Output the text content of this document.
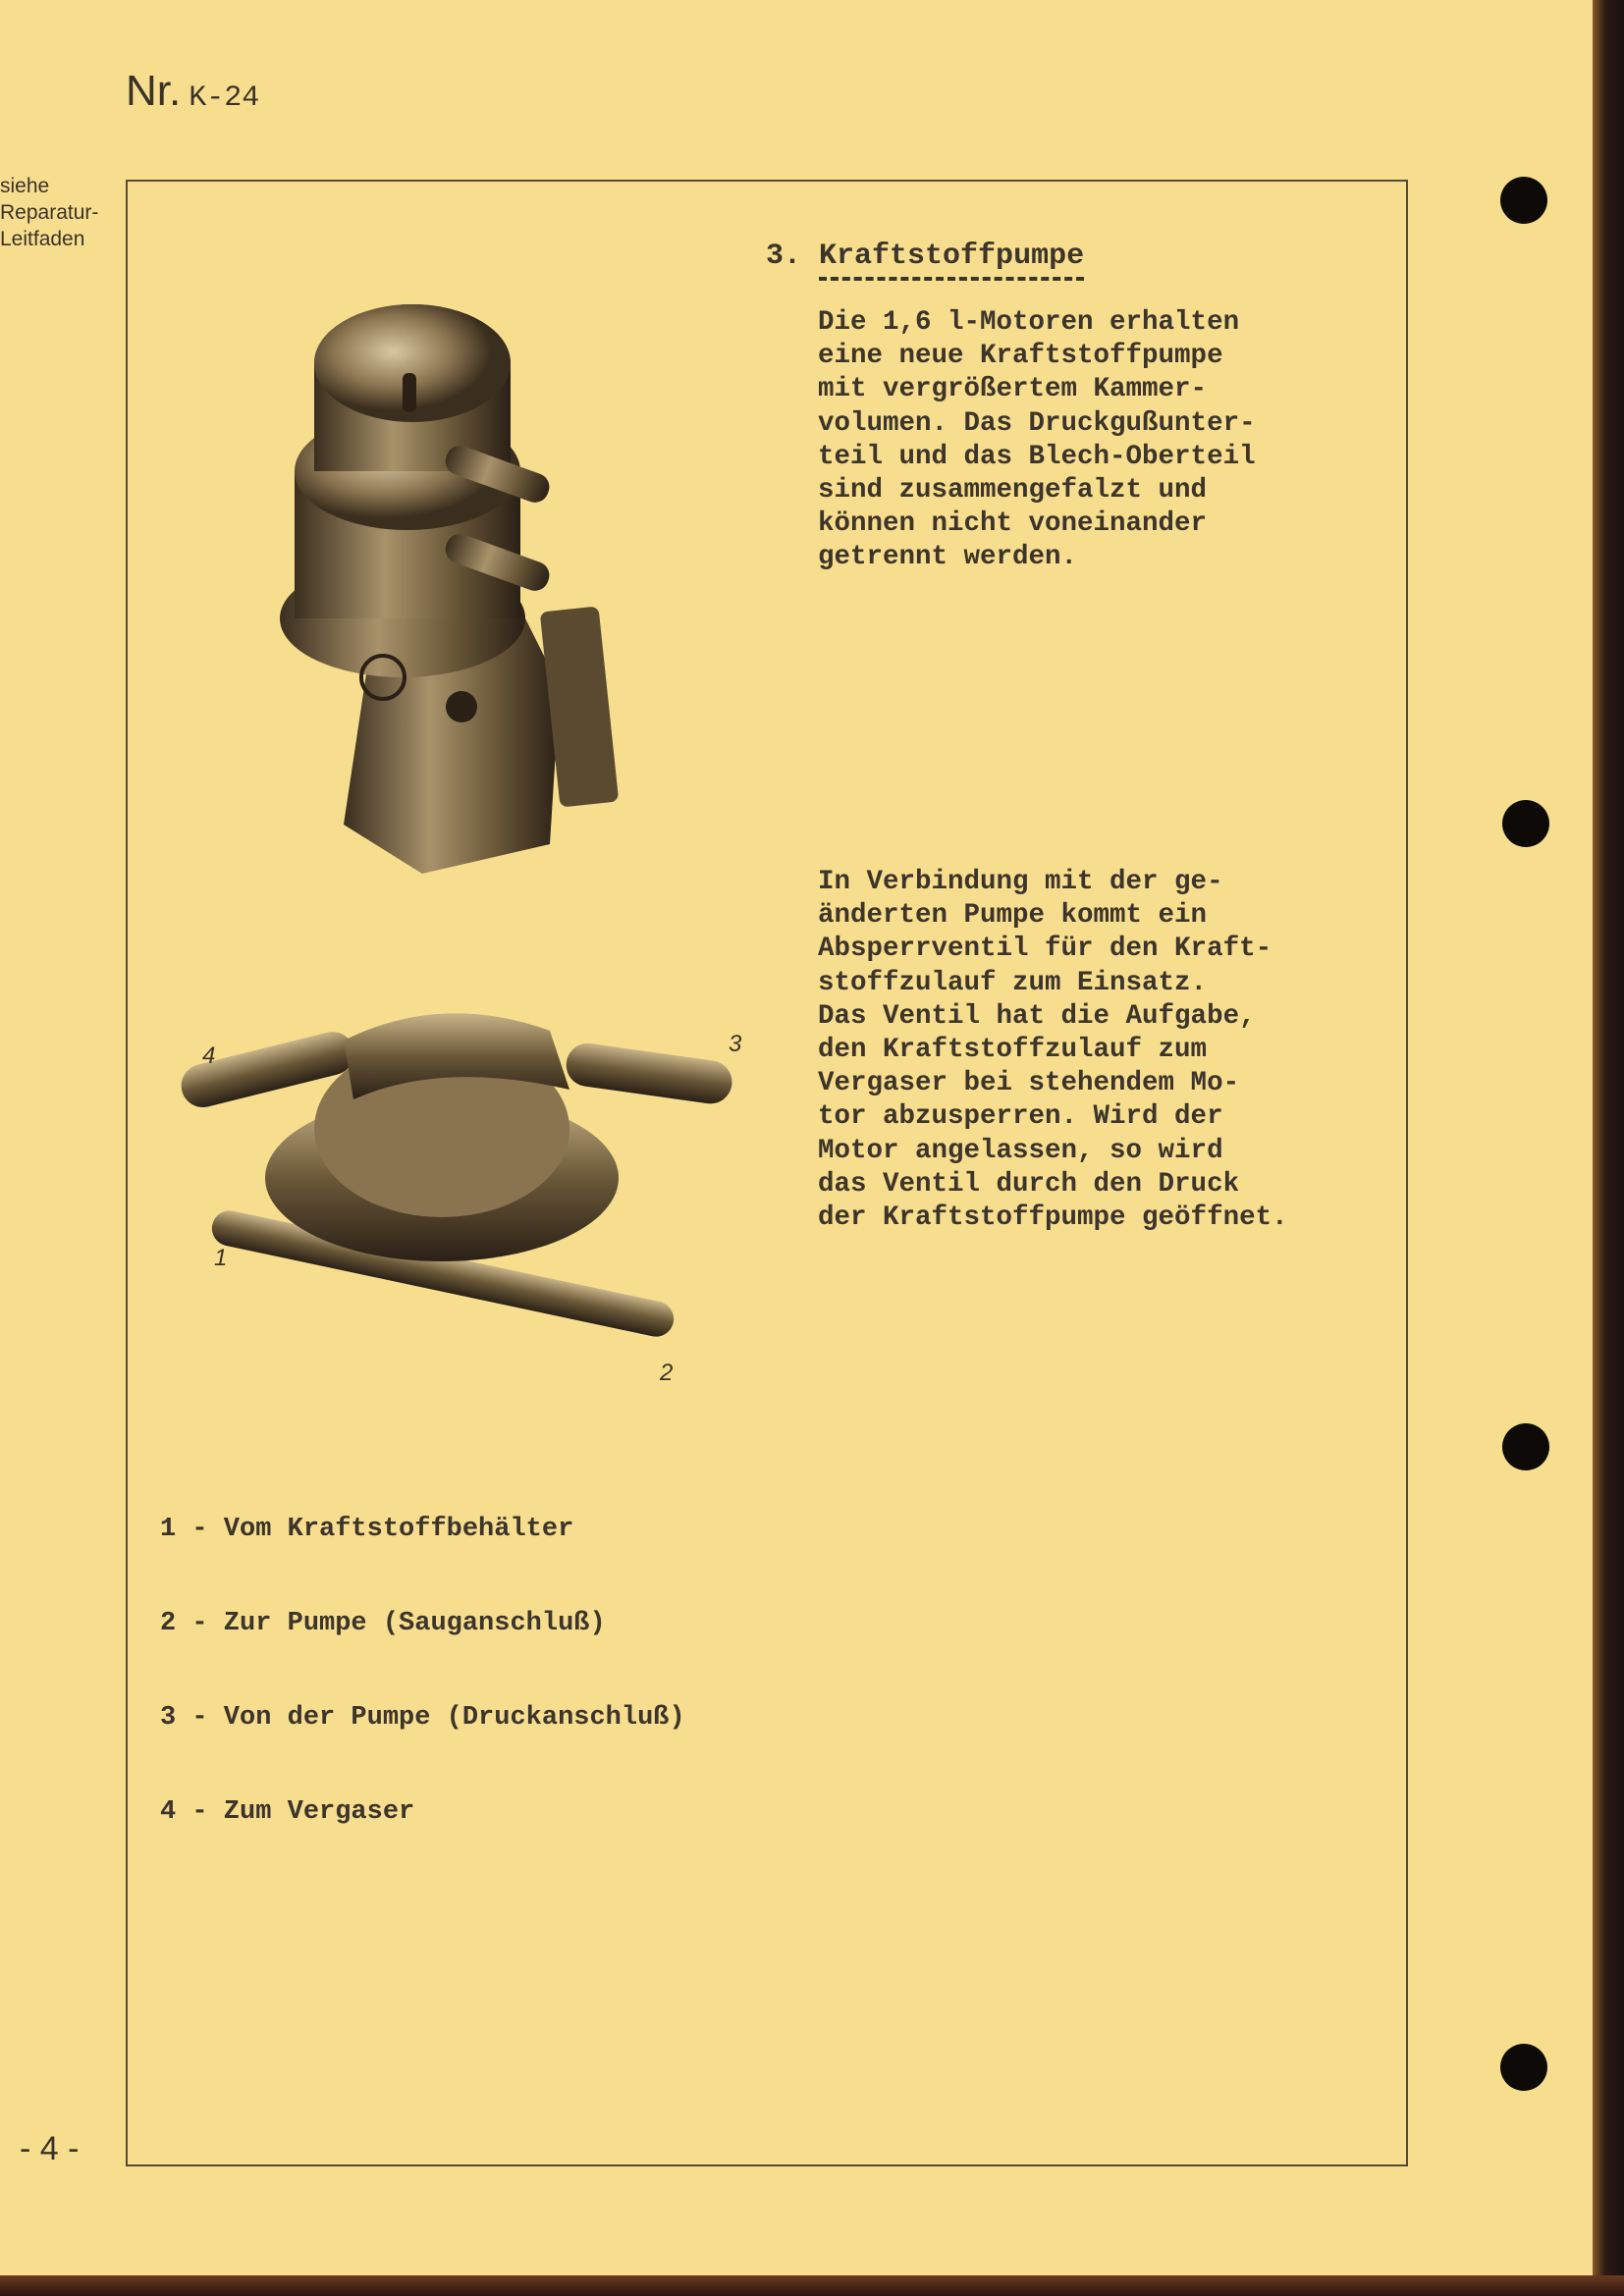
Nr. K-24
siehe
Reparatur-
Leitfaden
3. Kraftstoffpumpe
Die 1,6 l-Motoren erhalten
eine neue Kraftstoffpumpe
mit vergrößertem Kammer-
volumen. Das Druckgußunter-
teil und das Blech-Oberteil
sind zusammengefalzt und
können nicht voneinander
getrennt werden.
In Verbindung mit der ge-
änderten Pumpe kommt ein
Absperrventil für den Kraft-
stoffzulauf zum Einsatz.
Das Ventil hat die Aufgabe,
den Kraftstoffzulauf zum
Vergaser bei stehendem Mo-
tor abzusperren. Wird der
Motor angelassen, so wird
das Ventil durch den Druck
der Kraftstoffpumpe geöffnet.
1
2
3
4

1 - Vom Kraftstoffbehälter

2 - Zur Pumpe (Sauganschluß)

3 - Von der Pumpe (Druckanschluß)

4 - Zum Vergaser

- 4 -
